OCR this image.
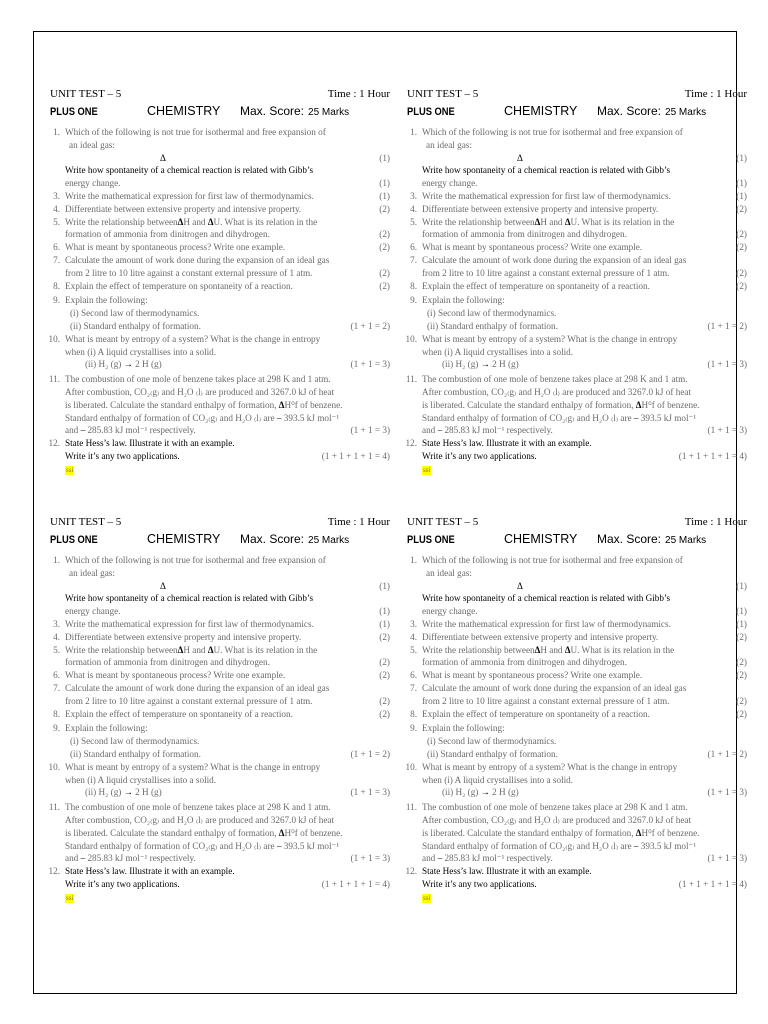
UNIT TEST – 5	Time : 1 Hour
PLUS ONE	CHEMISTRY Max. Score: 25 Marks
1. Which of the following is not true for isothermal and free expansion of
an ideal gas:
Δ	(1)
Write how spontaneity of a chemical reaction is related with Gibb’s
energy change.	(1)
3. Write the mathematical expression for first law of thermodynamics.	(1)
4. Differentiate between extensive property and intensive property.	(2)
5. Write the relationship betweenΔH and ΔU. What is its relation in the
formation of ammonia from dinitrogen and dihydrogen.	(2)
6. What is meant by spontaneous process? Write one example.	(2)
7. Calculate the amount of work done during the expansion of an ideal gas
from 2 litre to 10 litre against a constant external pressure of 1 atm.	(2)
8. Explain the effect of temperature on spontaneity of a reaction.	(2)
9. Explain the following:
(i) Second law of thermodynamics.
(ii) Standard enthalpy of formation.	(1 + 1 = 2)
10. What is meant by entropy of a system? What is the change in entropy
when (i) A liquid crystallises into a solid.
(ii) H₂ (g) → 2 H (g)	(1 + 1 = 3)
11. The combustion of one mole of benzene takes place at 298 K and 1 atm.
After combustion, CO₂₍g₎ and H₂O ₍l₎ are produced and 3267.0 kJ of heat
is liberated. Calculate the standard enthalpy of formation, ΔH⁰f of benzene.
Standard enthalpy of formation of CO₂₍g₎ and H₂O ₍l₎ are – 393.5 kJ mol⁻¹
and – 285.83 kJ mol⁻¹ respectively.	(1 + 1 = 3)
12. State Hess’s law. Illustrate it with an example.
Write it’s any two applications.	(1 + 1 + 1 + 1 = 4)
ssi
UNIT TEST – 5	Time : 1 Hour
PLUS ONE	CHEMISTRY Max. Score: 25 Marks
1. Which of the following is not true for isothermal and free expansion of
an ideal gas:
Δ	(1)
Write how spontaneity of a chemical reaction is related with Gibb’s
energy change.	(1)
3. Write the mathematical expression for first law of thermodynamics.	(1)
4. Differentiate between extensive property and intensive property.	(2)
5. Write the relationship betweenΔH and ΔU. What is its relation in the
formation of ammonia from dinitrogen and dihydrogen.	(2)
6. What is meant by spontaneous process? Write one example.	(2)
7. Calculate the amount of work done during the expansion of an ideal gas
from 2 litre to 10 litre against a constant external pressure of 1 atm.	(2)
8. Explain the effect of temperature on spontaneity of a reaction.	(2)
9. Explain the following:
(i) Second law of thermodynamics.
(ii) Standard enthalpy of formation.	(1 + 1 = 2)
10. What is meant by entropy of a system? What is the change in entropy
when (i) A liquid crystallises into a solid.
(ii) H₂ (g) → 2 H (g)	(1 + 1 = 3)
11. The combustion of one mole of benzene takes place at 298 K and 1 atm.
After combustion, CO₂₍g₎ and H₂O ₍l₎ are produced and 3267.0 kJ of heat
is liberated. Calculate the standard enthalpy of formation, ΔH⁰f of benzene.
Standard enthalpy of formation of CO₂₍g₎ and H₂O ₍l₎ are – 393.5 kJ mol⁻¹
and – 285.83 kJ mol⁻¹ respectively.	(1 + 1 = 3)
12. State Hess’s law. Illustrate it with an example.
Write it’s any two applications.	(1 + 1 + 1 + 1 = 4)
ssi
UNIT TEST – 5	Time : 1 Hour
PLUS ONE	CHEMISTRY Max. Score: 25 Marks
1. Which of the following is not true for isothermal and free expansion of
an ideal gas:
Δ	(1)
Write how spontaneity of a chemical reaction is related with Gibb’s
energy change.	(1)
3. Write the mathematical expression for first law of thermodynamics.	(1)
4. Differentiate between extensive property and intensive property.	(2)
5. Write the relationship betweenΔH and ΔU. What is its relation in the
formation of ammonia from dinitrogen and dihydrogen.	(2)
6. What is meant by spontaneous process? Write one example.	(2)
7. Calculate the amount of work done during the expansion of an ideal gas
from 2 litre to 10 litre against a constant external pressure of 1 atm.	(2)
8. Explain the effect of temperature on spontaneity of a reaction.	(2)
9. Explain the following:
(i) Second law of thermodynamics.
(ii) Standard enthalpy of formation.	(1 + 1 = 2)
10. What is meant by entropy of a system? What is the change in entropy
when (i) A liquid crystallises into a solid.
(ii) H₂ (g) → 2 H (g)	(1 + 1 = 3)
11. The combustion of one mole of benzene takes place at 298 K and 1 atm.
After combustion, CO₂₍g₎ and H₂O ₍l₎ are produced and 3267.0 kJ of heat
is liberated. Calculate the standard enthalpy of formation, ΔH⁰f of benzene.
Standard enthalpy of formation of CO₂₍g₎ and H₂O ₍l₎ are – 393.5 kJ mol⁻¹
and – 285.83 kJ mol⁻¹ respectively.	(1 + 1 = 3)
12. State Hess’s law. Illustrate it with an example.
Write it’s any two applications.	(1 + 1 + 1 + 1 = 4)
ssi
UNIT TEST – 5	Time : 1 Hour
PLUS ONE	CHEMISTRY Max. Score: 25 Marks
1. Which of the following is not true for isothermal and free expansion of
an ideal gas:
Δ	(1)
Write how spontaneity of a chemical reaction is related with Gibb’s
energy change.	(1)
3. Write the mathematical expression for first law of thermodynamics.	(1)
4. Differentiate between extensive property and intensive property.	(2)
5. Write the relationship betweenΔH and ΔU. What is its relation in the
formation of ammonia from dinitrogen and dihydrogen.	(2)
6. What is meant by spontaneous process? Write one example.	(2)
7. Calculate the amount of work done during the expansion of an ideal gas
from 2 litre to 10 litre against a constant external pressure of 1 atm.	(2)
8. Explain the effect of temperature on spontaneity of a reaction.	(2)
9. Explain the following:
(i) Second law of thermodynamics.
(ii) Standard enthalpy of formation.	(1 + 1 = 2)
10. What is meant by entropy of a system? What is the change in entropy
when (i) A liquid crystallises into a solid.
(ii) H₂ (g) → 2 H (g)	(1 + 1 = 3)
11. The combustion of one mole of benzene takes place at 298 K and 1 atm.
After combustion, CO₂₍g₎ and H₂O ₍l₎ are produced and 3267.0 kJ of heat
is liberated. Calculate the standard enthalpy of formation, ΔH⁰f of benzene.
Standard enthalpy of formation of CO₂₍g₎ and H₂O ₍l₎ are – 393.5 kJ mol⁻¹
and – 285.83 kJ mol⁻¹ respectively.	(1 + 1 = 3)
12. State Hess’s law. Illustrate it with an example.
Write it’s any two applications.	(1 + 1 + 1 + 1 = 4)
ssi
